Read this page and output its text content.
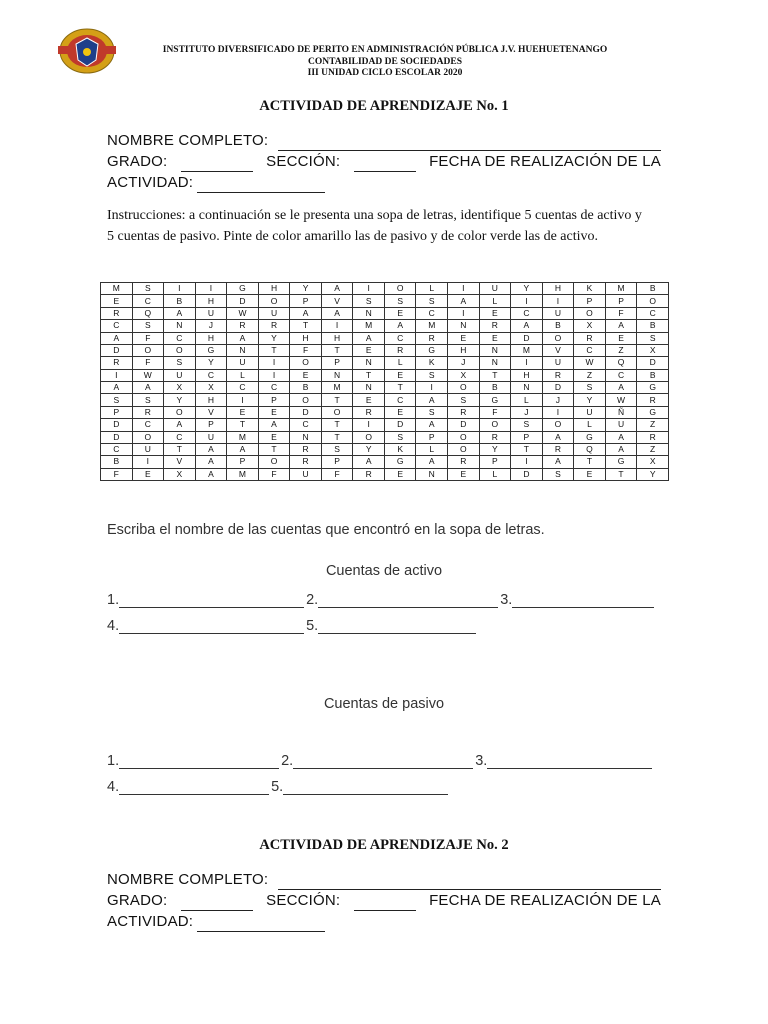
INSTITUTO DIVERSIFICADO DE PERITO EN ADMINISTRACIÓN PÚBLICA J.V. HUEHUETENANGO
CONTABILIDAD DE SOCIEDADES
III UNIDAD CICLO ESCOLAR 2020
ACTIVIDAD DE APRENDIZAJE No. 1
NOMBRE COMPLETO:
GRADO:	SECCIÓN:	FECHA DE REALIZACIÓN DE LA
ACTIVIDAD:
Instrucciones: a continuación se le presenta una sopa de letras, identifique 5 cuentas de activo y 5 cuentas de pasivo. Pinte de color amarillo las de pasivo y de color verde las de activo.
M	S	I	I	G	H	Y	A	I	O	L	I	U	Y	H	K	M	B
E	C	B	H	D	O	P	V	S	S	S	A	L	I	I	P	P	O
R	Q	A	U	W	U	A	A	N	E	C	I	E	C	U	O	F	C
C	S	N	J	R	R	T	I	M	A	M	N	R	A	B	X	A	B
A	F	C	H	A	Y	H	H	A	C	R	E	E	D	O	R	E	S
D	O	O	G	N	T	F	T	E	R	G	H	N	M	V	C	Z	X
R	F	S	Y	U	I	O	P	N	L	K	J	N	I	U	W	Q	D
I	W	U	C	L	I	E	N	T	E	S	X	T	H	R	Z	C	B
A	A	X	X	C	C	B	M	N	T	I	O	B	N	D	S	A	G
S	S	Y	H	I	P	O	T	E	C	A	S	G	L	J	Y	W	R
P	R	O	V	E	E	D	O	R	E	S	R	F	J	I	U	Ñ	G
D	C	A	P	T	A	C	T	I	D	A	D	O	S	O	L	U	Z
D	O	C	U	M	E	N	T	O	S	P	O	R	P	A	G	A	R
C	U	T	A	A	T	R	S	Y	K	L	O	Y	T	R	Q	A	Z
B	I	V	A	P	O	R	P	A	G	A	R	P	I	A	T	G	X
F	E	X	A	M	F	U	F	R	E	N	E	L	D	S	E	T	Y
Escriba el nombre de las cuentas que encontró en la sopa de letras.
Cuentas de activo
1.	2.	3.
4.	5.
Cuentas de pasivo
1.	2.	3.
4.	5.
ACTIVIDAD DE APRENDIZAJE No. 2
NOMBRE COMPLETO:
GRADO:	SECCIÓN:	FECHA DE REALIZACIÓN DE LA
ACTIVIDAD:
